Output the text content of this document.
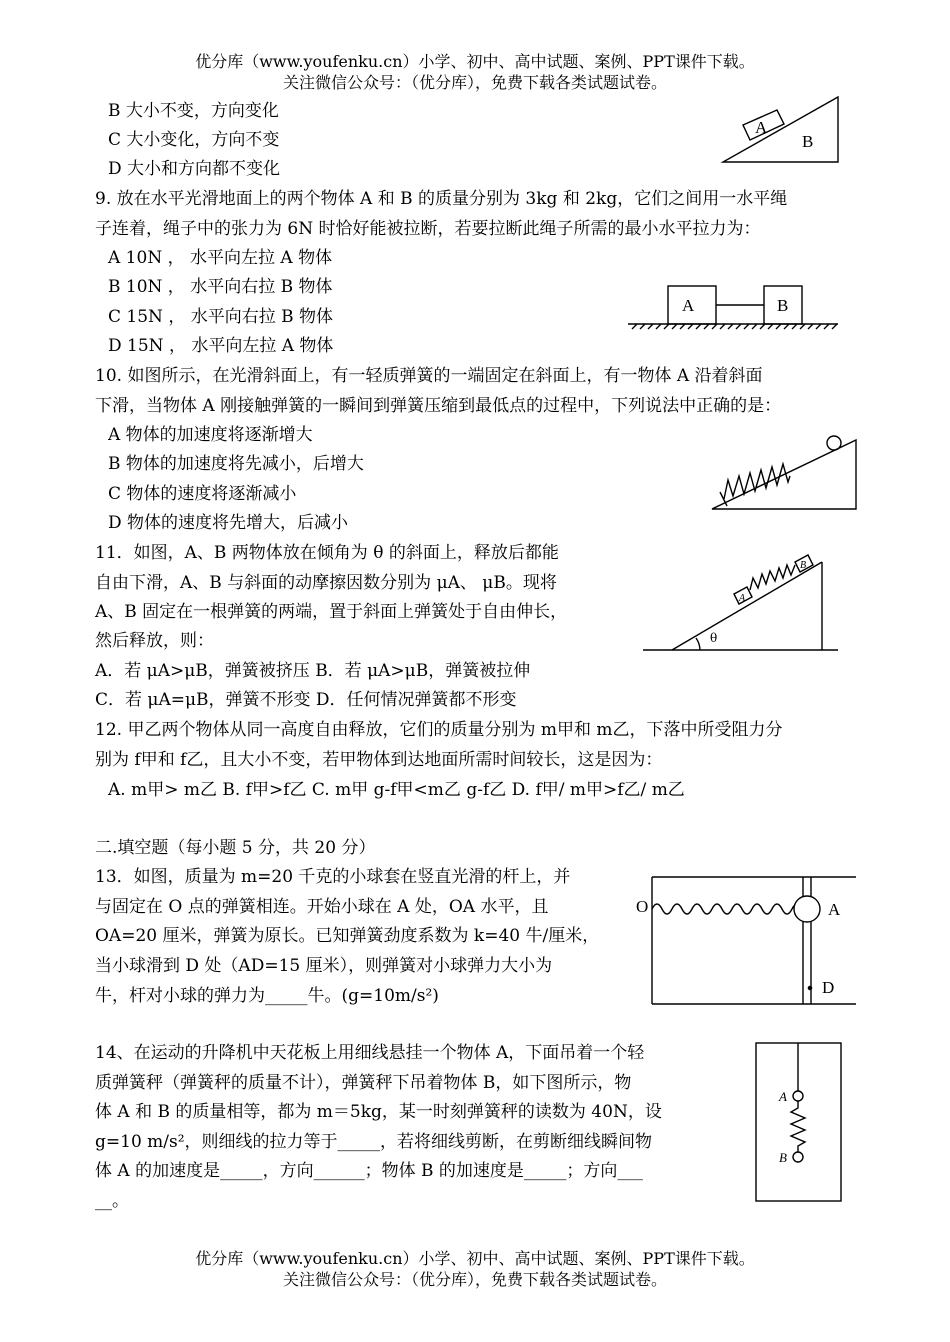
优分库（www.youfenku.cn）小学、初中、高中试题、案例、PPT课件下载。
关注微信公众号：（优分库），免费下载各类试题试卷。
B 大小不变，方向变化
C 大小变化，方向不变
D 大小和方向都不变化
9. 放在水平光滑地面上的两个物体 A 和 B 的质量分别为 3kg 和 2kg，它们之间用一水平绳
子连着，绳子中的张力为 6N 时恰好能被拉断，若要拉断此绳子所需的最小水平拉力为：
A 10N ， 水平向左拉 A 物体
B 10N ， 水平向右拉 B 物体
C 15N ， 水平向右拉 B 物体
D 15N ， 水平向左拉 A 物体
10. 如图所示，在光滑斜面上，有一轻质弹簧的一端固定在斜面上，有一物体 A 沿着斜面
下滑，当物体 A 刚接触弹簧的一瞬间到弹簧压缩到最低点的过程中，下列说法中正确的是：
A 物体的加速度将逐渐增大
B 物体的加速度将先减小，后增大
C 物体的速度将逐渐减小
D 物体的速度将先增大，后减小
11．如图，A、B 两物体放在倾角为 θ 的斜面上，释放后都能
自由下滑，A、B 与斜面的动摩擦因数分别为 μA、 μB。现将
A、B 固定在一根弹簧的两端，置于斜面上弹簧处于自由伸长，
然后释放，则：
A．若 μA>μB，弹簧被挤压 B．若 μA>μB，弹簧被拉伸
C．若 μA=μB，弹簧不形变 D．任何情况弹簧都不形变
12. 甲乙两个物体从同一高度自由释放，它们的质量分别为 m甲和 m乙，下落中所受阻力分
别为 f甲和 f乙，且大小不变，若甲物体到达地面所需时间较长，这是因为：
A. m甲> m乙 B. f甲>f乙 C. m甲 g-f甲<m乙 g-f乙 D. f甲/ m甲>f乙/ m乙
二.填空题（每小题 5 分，共 20 分）
13．如图，质量为 m=20 千克的小球套在竖直光滑的杆上，并
与固定在 O 点的弹簧相连。开始小球在 A 处，OA 水平，且
OA=20 厘米，弹簧为原长。已知弹簧劲度系数为 k=40 牛/厘米，
当小球滑到 D 处（AD=15 厘米），则弹簧对小球弹力大小为
牛，杆对小球的弹力为_____牛。(g=10m/s²)
14、在运动的升降机中天花板上用细线悬挂一个物体 A，下面吊着一个轻
质弹簧秤（弹簧秤的质量不计），弹簧秤下吊着物体 B，如下图所示，物
体 A 和 B 的质量相等，都为 m＝5kg，某一时刻弹簧秤的读数为 40N，设
g=10 m/s²，则细线的拉力等于_____，若将细线剪断，在剪断细线瞬间物
体 A 的加速度是_____，方向______；物体 B 的加速度是_____；方向___
__。
优分库（www.youfenku.cn）小学、初中、高中试题、案例、PPT课件下载。
关注微信公众号：（优分库），免费下载各类试题试卷。
A
B
A	B
A
B
θ
O	A
D
A
B
